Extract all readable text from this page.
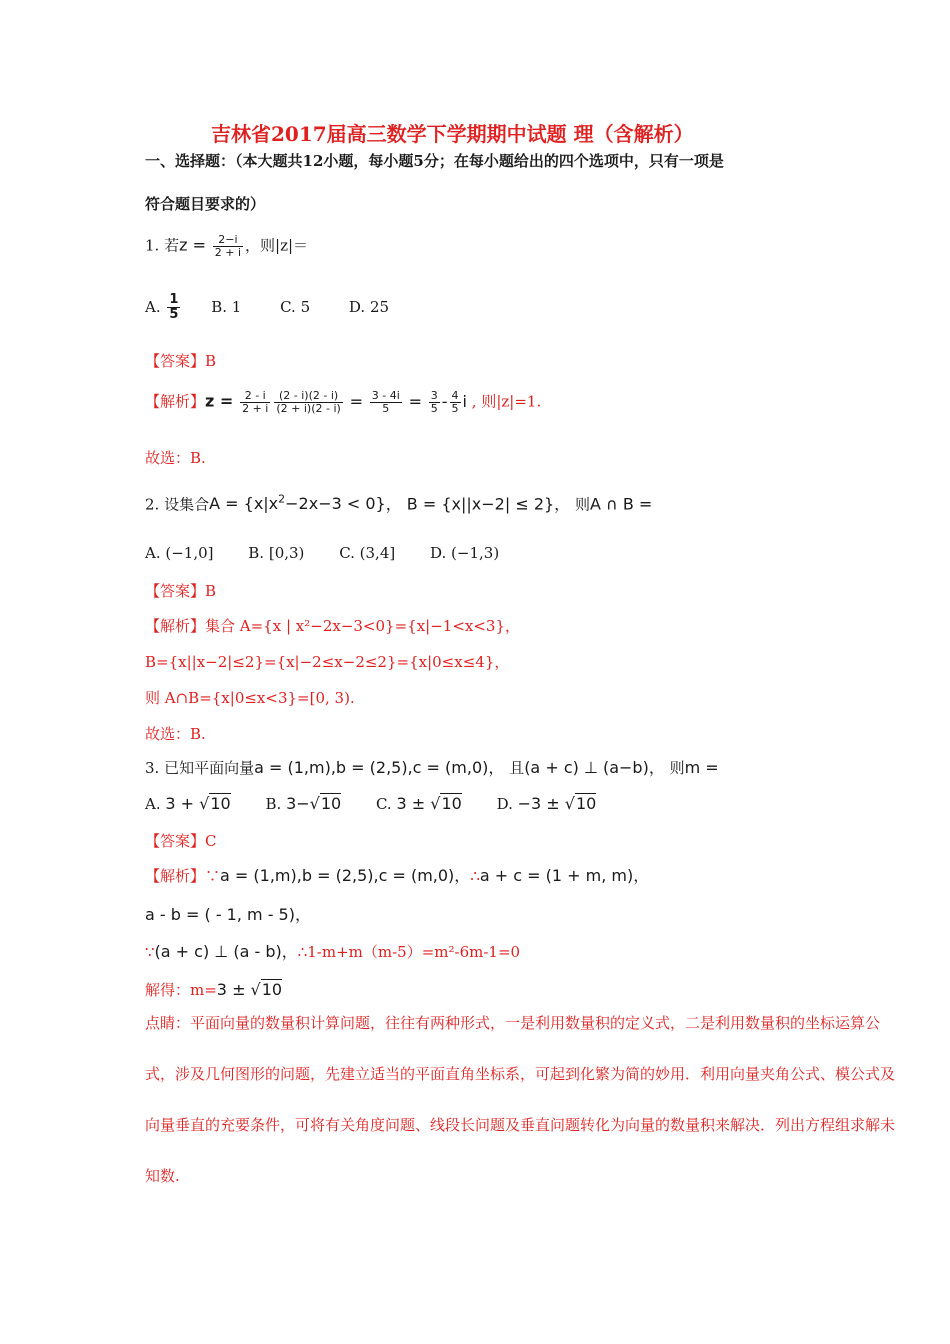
吉林省2017届高三数学下学期期中试题 理（含解析）
一、选择题：（本大题共12小题，每小题5分；在每小题给出的四个选项中，只有一项是
符合题目要求的）
1. 若$z = \frac{2-i}{2 + i}$ ，则|z|＝
A. $\frac{1}{5} B$. 1	C. 5	D. 25
【答案】B
【解析】$z = \frac{2 - i}{2 + i} \frac{(2 - i)(2 - i)}{(2 + i)(2 - i)} = \frac{3 - 4i}{5} = \frac{3}{5} - \frac{4}{5}$ i , 则|z|=1.
故选：B.
2. 设集合$A = \{x|x^2-2x-3 < 0\}$， B = {x||x−2| ≤ 2}， 则A ∩ B =
A. (−1,0] B. [0,3) C. (3,4] D. (−1,3)
【答案】B
【解析】集合 A={x | x²−2x−3<0}={x|−1<x<3}，
B={x||x−2|≤2}={x|−2≤x−2≤2}={x|0≤x≤4}，
则 A∩B={x|0≤x<3}=[0, 3).
故选：B.
3. 已知平面向量a = (1,m),b = (2,5),c = (m,0)， 且(a + c) ⊥ (a−b)， 则m =
A. 3 + √10 B. 3−√10 C. 3 ± √10 D. −3 ± √10
【答案】C
【解析】∵a = (1,m),b = (2,5),c = (m,0)，∴a + c = (1 + m, m)，
a - b = ( - 1, m - 5)，
∵(a + c) ⊥ (a - b)，∴1-m+m（m-5）=m²-6m-1=0
解得：m=3 ± √10
点睛：平面向量的数量积计算问题，往往有两种形式，一是利用数量积的定义式，二是利用数量积的坐标运算公式，涉及几何图形的问题，先建立适当的平面直角坐标系，可起到化繁为简的妙用．利用向量夹角公式、模公式及向量垂直的充要条件，可将有关角度问题、线段长问题及垂直问题转化为向量的数量积来解决．列出方程组求解未知数.
